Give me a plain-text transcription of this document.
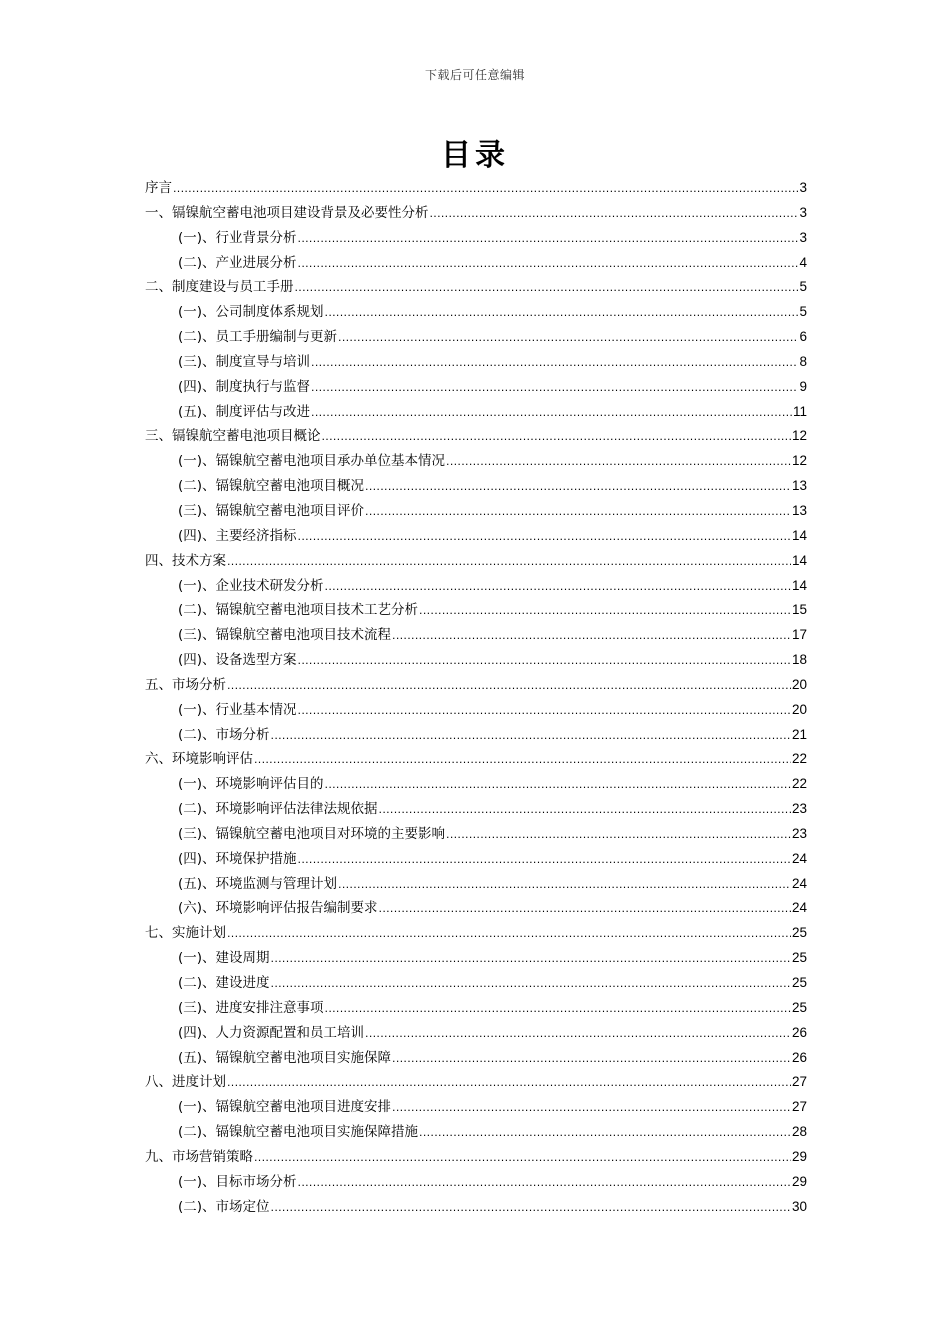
下载后可任意编辑
目录
序言 .....	3
一、镉镍航空蓄电池项目建设背景及必要性分析 .....	3
(一)、行业背景分析 .....	3
(二)、产业进展分析 .....	4
二、制度建设与员工手册 .....	5
(一)、公司制度体系规划 .....	5
(二)、员工手册编制与更新 .....	6
(三)、制度宣导与培训 .....	8
(四)、制度执行与监督 .....	9
(五)、制度评估与改进 .....	11
三、镉镍航空蓄电池项目概论 .....	12
(一)、镉镍航空蓄电池项目承办单位基本情况 .....	12
(二)、镉镍航空蓄电池项目概况 .....	13
(三)、镉镍航空蓄电池项目评价 .....	13
(四)、主要经济指标 .....	14
四、技术方案 .....	14
(一)、企业技术研发分析 .....	14
(二)、镉镍航空蓄电池项目技术工艺分析 .....	15
(三)、镉镍航空蓄电池项目技术流程 .....	17
(四)、设备选型方案 .....	18
五、市场分析 .....	20
(一)、行业基本情况 .....	20
(二)、市场分析 .....	21
六、环境影响评估 .....	22
(一)、环境影响评估目的 .....	22
(二)、环境影响评估法律法规依据 .....	23
(三)、镉镍航空蓄电池项目对环境的主要影响 .....	23
(四)、环境保护措施 .....	24
(五)、环境监测与管理计划 .....	24
(六)、环境影响评估报告编制要求 .....	24
七、实施计划 .....	25
(一)、建设周期 .....	25
(二)、建设进度 .....	25
(三)、进度安排注意事项 .....	25
(四)、人力资源配置和员工培训 .....	26
(五)、镉镍航空蓄电池项目实施保障 .....	26
八、进度计划 .....	27
(一)、镉镍航空蓄电池项目进度安排 .....	27
(二)、镉镍航空蓄电池项目实施保障措施 .....	28
九、市场营销策略 .....	29
(一)、目标市场分析 .....	29
(二)、市场定位 .....	30
